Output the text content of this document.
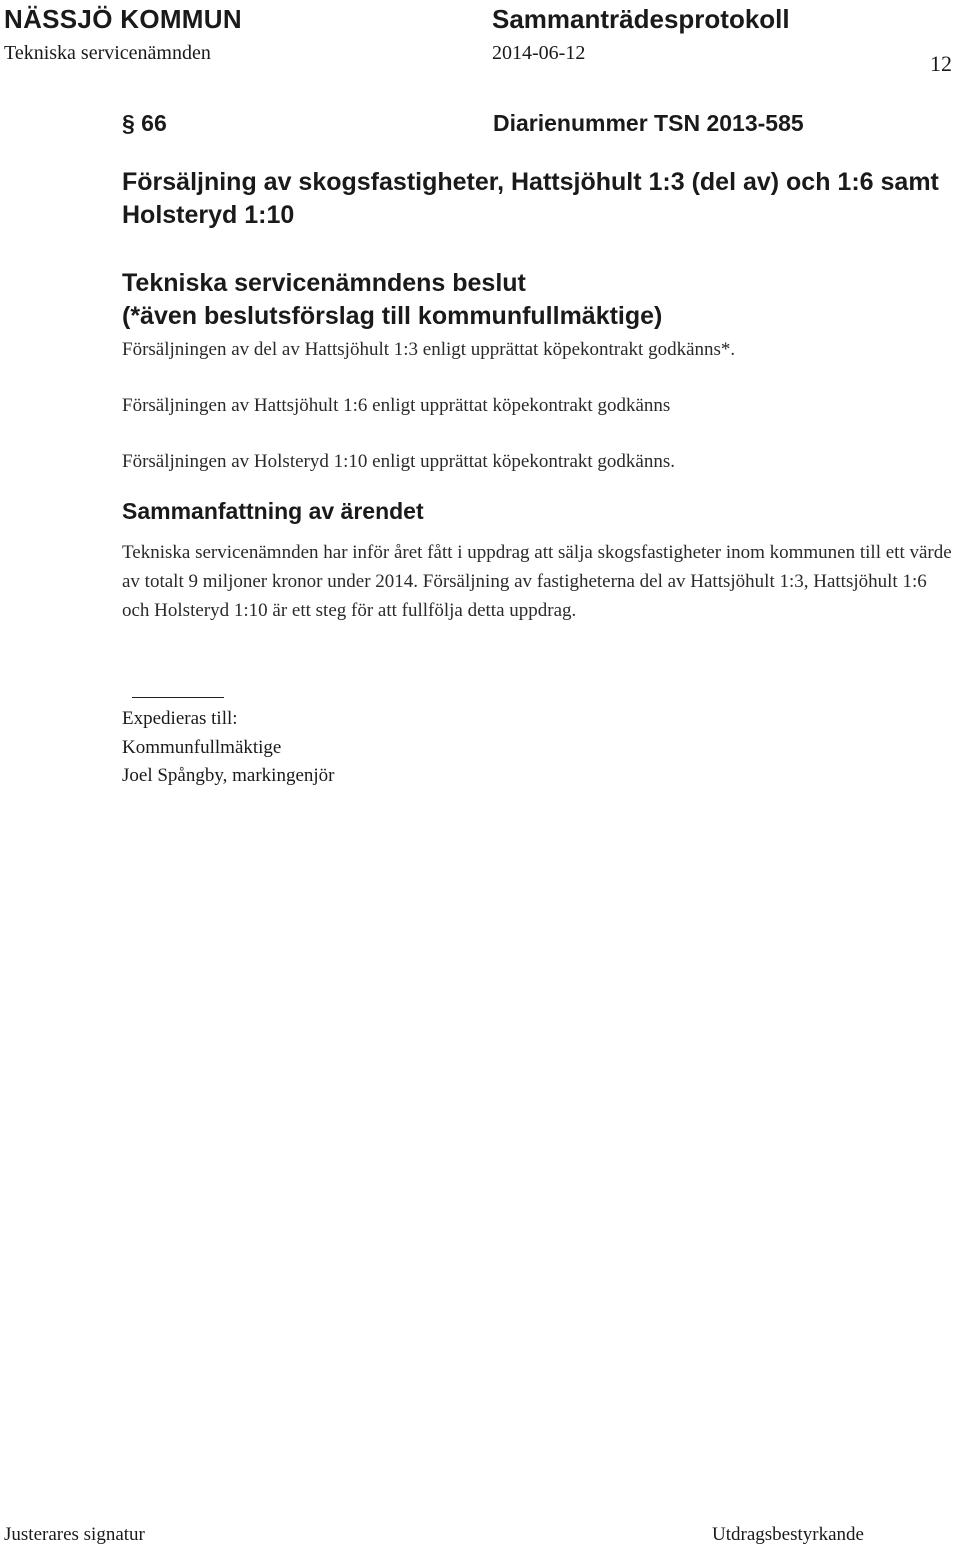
NÄSSJÖ KOMMUN	Sammanträdesprotokoll
Tekniska servicenämnden	2014-06-12	12
§ 66	Diarienummer TSN 2013-585
Försäljning av skogsfastigheter, Hattsjöhult 1:3 (del av) och 1:6 samt Holsteryd 1:10
Tekniska servicenämndens beslut
(*även beslutsförslag till kommunfullmäktige)
Försäljningen av del av Hattsjöhult 1:3 enligt upprättat köpekontrakt godkänns*.
Försäljningen av Hattsjöhult 1:6 enligt upprättat köpekontrakt godkänns
Försäljningen av Holsteryd 1:10 enligt upprättat köpekontrakt godkänns.
Sammanfattning av ärendet
Tekniska servicenämnden har inför året fått i uppdrag att sälja skogsfastigheter inom kommunen till ett värde av totalt 9 miljoner kronor under 2014. Försäljning av fastigheterna del av Hattsjöhult 1:3, Hattsjöhult 1:6 och Holsteryd 1:10 är ett steg för att fullfölja detta uppdrag.
Expedieras till:
Kommunfullmäktige
Joel Spångby, markingenjör
Justerares signatur	Utdragsbestyrkande
